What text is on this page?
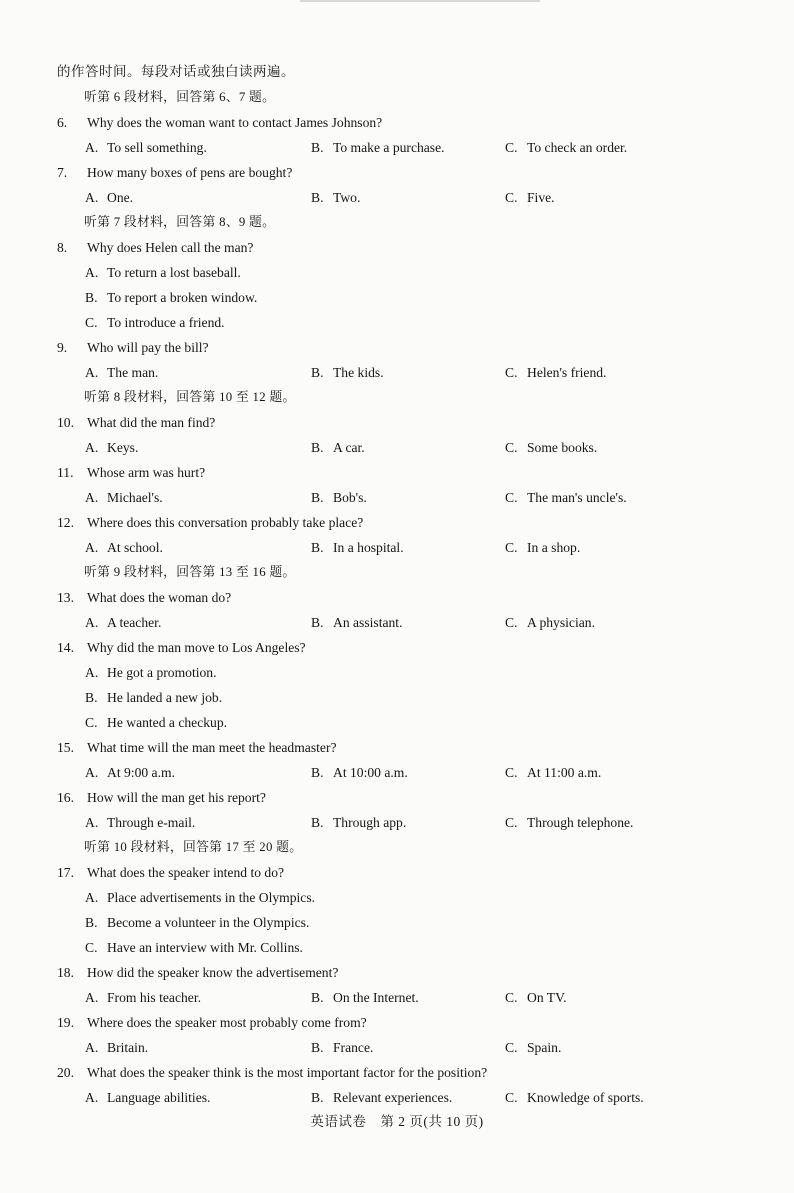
的作答时间。每段对话或独白读两遍。
听第 6 段材料，回答第 6、7 题。
6. Why does the woman want to contact James Johnson?
A. To sell something.	B. To make a purchase.	C. To check an order.
7. How many boxes of pens are bought?
A. One.	B. Two.	C. Five.
听第 7 段材料，回答第 8、9 题。
8. Why does Helen call the man?
A. To return a lost baseball.
B. To report a broken window.
C. To introduce a friend.
9. Who will pay the bill?
A. The man.	B. The kids.	C. Helen's friend.
听第 8 段材料，回答第 10 至 12 题。
10. What did the man find?
A. Keys.	B. A car.	C. Some books.
11. Whose arm was hurt?
A. Michael's.	B. Bob's.	C. The man's uncle's.
12. Where does this conversation probably take place?
A. At school.	B. In a hospital.	C. In a shop.
听第 9 段材料，回答第 13 至 16 题。
13. What does the woman do?
A. A teacher.	B. An assistant.	C. A physician.
14. Why did the man move to Los Angeles?
A. He got a promotion.
B. He landed a new job.
C. He wanted a checkup.
15. What time will the man meet the headmaster?
A. At 9:00 a.m.	B. At 10:00 a.m.	C. At 11:00 a.m.
16. How will the man get his report?
A. Through e-mail.	B. Through app.	C. Through telephone.
听第 10 段材料，回答第 17 至 20 题。
17. What does the speaker intend to do?
A. Place advertisements in the Olympics.
B. Become a volunteer in the Olympics.
C. Have an interview with Mr. Collins.
18. How did the speaker know the advertisement?
A. From his teacher.	B. On the Internet.	C. On TV.
19. Where does the speaker most probably come from?
A. Britain.	B. France.	C. Spain.
20. What does the speaker think is the most important factor for the position?
A. Language abilities.	B. Relevant experiences.	C. Knowledge of sports.
英语试卷　第 2 页(共 10 页)
